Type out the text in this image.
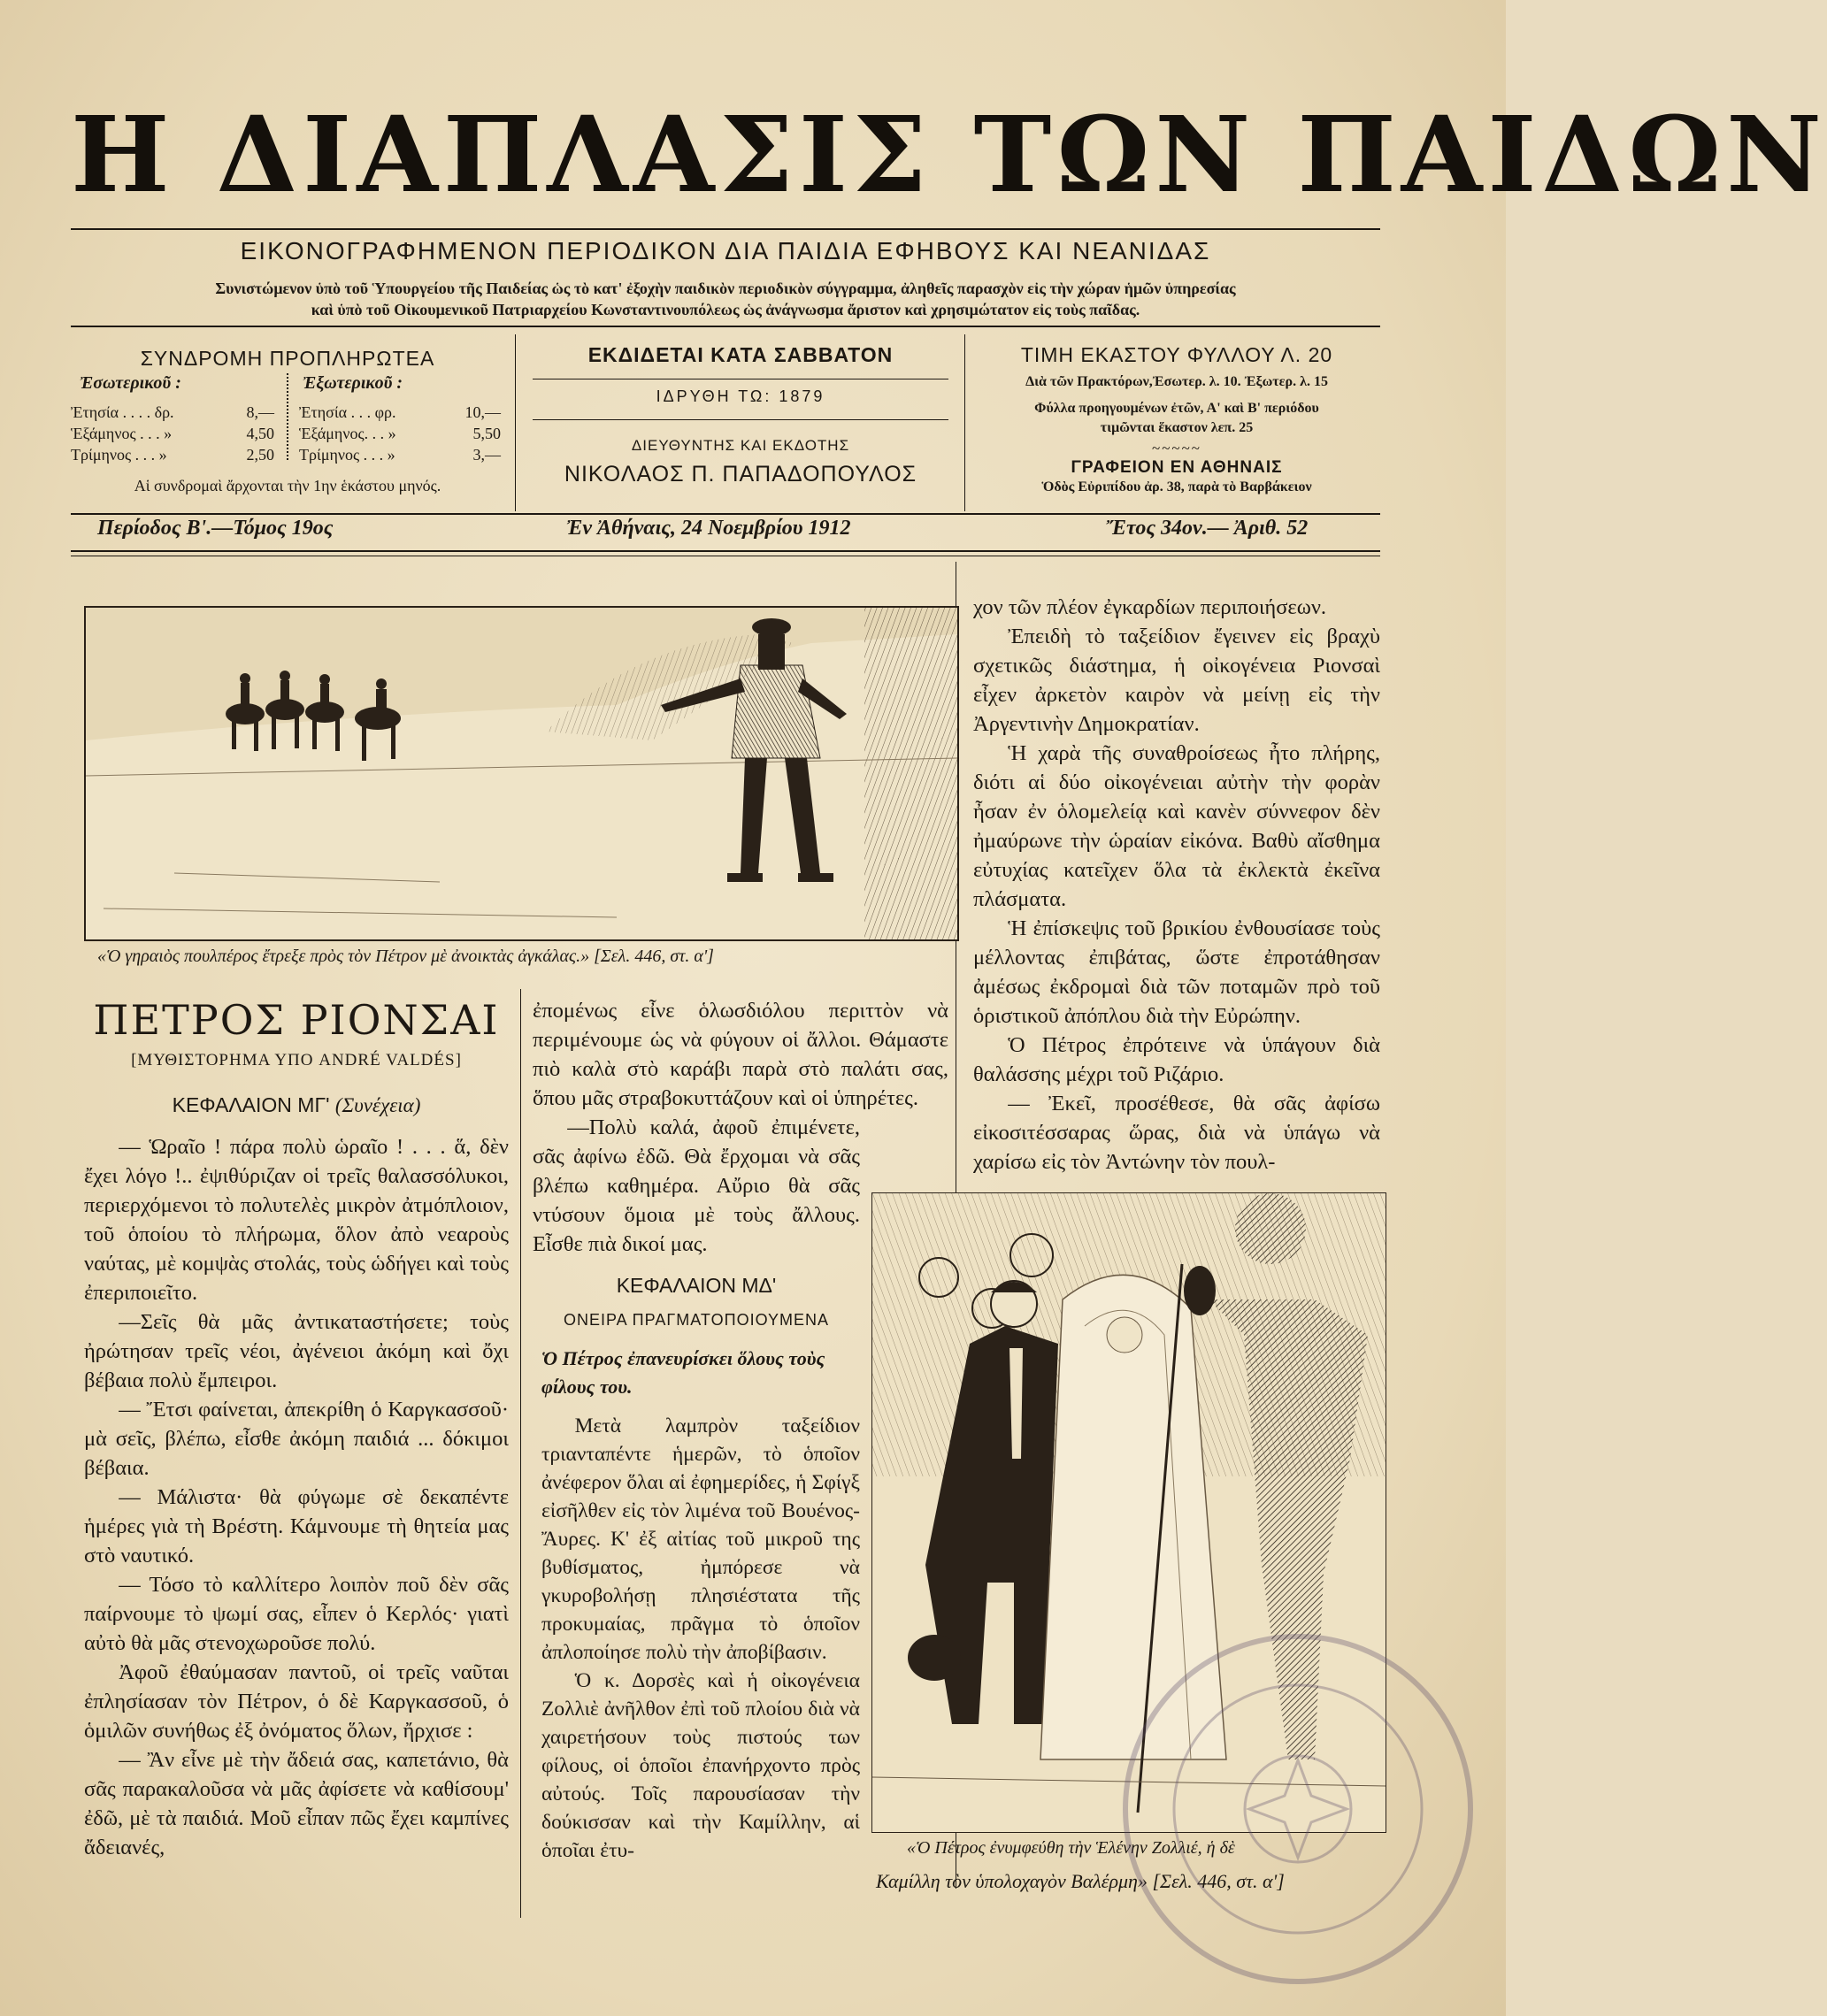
Η ΔΙΑΠΛΑΣΙΣ ΤΩΝ ΠΑΙΔΩΝ
ΕΙΚΟΝΟΓΡΑΦΗΜΕΝΟΝ ΠΕΡΙΟΔΙΚΟΝ ΔΙΑ ΠΑΙΔΙΑ ΕΦΗΒΟΥΣ ΚΑΙ ΝΕΑΝΙΔΑΣ
Συνιστώμενον ὑπὸ τοῦ Ὑπουργείου τῆς Παιδείας ὡς τὸ κατ' ἐξοχὴν παιδικὸν περιοδικὸν σύγγραμμα, ἀληθεῖς παρασχὸν εἰς τὴν χώραν ἡμῶν ὑπηρεσίας
καὶ ὑπὸ τοῦ Οἰκουμενικοῦ Πατριαρχείου Κωνσταντινουπόλεως ὡς ἀνάγνωσμα ἄριστον καὶ χρησιμώτατον εἰς τοὺς παῖδας.
ΣΥΝΔΡΟΜΗ ΠΡΟΠΛΗΡΩΤΕΑ
Ἐσωτερικοῦ :	Ἐξωτερικοῦ :
Ἐτησία . . . . δρ.	8,—
Ἑξάμηνος . . . »	4,50
Τρίμηνος . . . »	2,50
Ἐτησία . . . φρ.	10,—
Ἑξάμηνος. . . »	5,50
Τρίμηνος . . . »	3,—
Αἱ συνδρομαὶ ἄρχονται τὴν 1ην ἑκάστου μηνός.
ΕΚΔΙΔΕΤΑΙ ΚΑΤΑ ΣΑΒΒΑΤΟΝ
ΙΔΡΥΘΗ ΤΩ: 1879
ΔΙΕΥΘΥΝΤΗΣ ΚΑΙ ΕΚΔΟΤΗΣ
ΝΙΚΟΛΑΟΣ Π. ΠΑΠΑΔΟΠΟΥΛΟΣ
ΤΙΜΗ ΕΚΑΣΤΟΥ ΦΥΛΛΟΥ Λ. 20
Διὰ τῶν Πρακτόρων,Ἐσωτερ. λ. 10. Ἐξωτερ. λ. 15
Φύλλα προηγουμένων ἐτῶν, Α' καὶ Β' περιόδου
τιμῶνται ἕκαστον λεπ. 25
~~~~~
ΓΡΑΦΕΙΟΝ ΕΝ ΑΘΗΝΑΙΣ
Ὁδὸς Εὐριπίδου ἀρ. 38, παρὰ τὸ Βαρβάκειον
Περίοδος Β'.—Τόμος 19ος	Ἐν Ἀθήναις, 24 Νοεμβρίου 1912	Ἔτος 34ον.— Ἀριθ. 52
«Ὁ γηραιὸς πουλπέρος ἔτρεξε πρὸς τὸν Πέτρον μὲ ἀνοικτὰς ἀγκάλας.» [Σελ. 446, στ. α']
ΠΕΤΡΟΣ ΡΙΟΝΣΑΙ
[ΜΥΘΙΣΤΟΡΗΜΑ ΥΠΟ ANDRÉ VALDÉS]
ΚΕΦΑΛΑΙΟΝ ΜΓ' (Συνέχεια)

— Ὡραῖο ! πάρα πολὺ ὡραῖο ! . . . ἅ, δὲν ἔχει λόγο !.. ἐψιθύριζαν οἱ τρεῖς θαλασσόλυκοι, περιερχόμενοι τὸ πολυτελὲς μικρὸν ἀτμόπλοιον, τοῦ ὁποίου τὸ πλήρωμα, ὅλον ἀπὸ νεαροὺς ναύτας, μὲ κομψὰς στολάς, τοὺς ὡδήγει καὶ τοὺς ἐπεριποιεῖτο.

—Σεῖς θὰ μᾶς ἀντικαταστήσετε; τοὺς ἠρώτησαν τρεῖς νέοι, ἀγένειοι ἀκόμη καὶ ὄχι βέβαια πολὺ ἔμπειροι.

— Ἔτσι φαίνεται, ἀπεκρίθη ὁ Καργκασσοῦ· μὰ σεῖς, βλέπω, εἶσθε ἀκόμη παιδιά ... δόκιμοι βέβαια.

— Μάλιστα· θὰ φύγωμε σὲ δεκαπέντε ἡμέρες γιὰ τὴ Βρέστη. Κάμνουμε τὴ θητεία μας στὸ ναυτικό.

— Τόσο τὸ καλλίτερο λοιπὸν ποῦ δὲν σᾶς παίρνουμε τὸ ψωμί σας, εἶπεν ὁ Κερλός· γιατὶ αὐτὸ θὰ μᾶς στενοχωροῦσε πολύ.

Ἀφοῦ ἐθαύμασαν παντοῦ, οἱ τρεῖς ναῦται ἐπλησίασαν τὸν Πέτρον, ὁ δὲ Καργκασσοῦ, ὁ ὁμιλῶν συνήθως ἐξ ὀνόματος ὅλων, ἤρχισε :

— Ἂν εἶνε μὲ τὴν ἄδειά σας, καπετάνιο, θὰ σᾶς παρακαλοῦσα νὰ μᾶς ἀφίσετε νὰ καθίσουμ' ἐδῶ, μὲ τὰ παιδιά. Μοῦ εἶπαν πῶς ἔχει καμπίνες ἄδειανές,

ἐπομένως εἶνε ὁλωσδιόλου περιττὸν νὰ περιμένουμε ὡς νὰ φύγουν οἱ ἄλλοι. Θάμαστε πιὸ καλὰ στὸ καράβι παρὰ στὸ παλάτι σας, ὅπου μᾶς στραβοκυττάζουν καὶ οἱ ὑπηρέτες.

—Πολὺ καλά, ἀφοῦ ἐπιμένετε, σᾶς ἀφίνω ἐδῶ. Θὰ ἔρχομαι νὰ σᾶς βλέπω καθημέρα. Αὔριο θὰ σᾶς ντύσουν ὅμοια μὲ τοὺς ἄλλους. Εἶσθε πιὰ δικοί μας.

ΚΕΦΑΛΑΙΟΝ ΜΔ'
ΟΝΕΙΡΑ ΠΡΑΓΜΑΤΟΠΟΙΟΥΜΕΝΑ
Ὁ Πέτρος ἐπανευρίσκει ὅλους τοὺς φίλους του.

Μετὰ λαμπρὸν ταξείδιον τριανταπέντε ἡμερῶν, τὸ ὁποῖον ἀνέφερον ὅλαι αἱ ἐφημερίδες, ἡ Σφίγξ εἰσῆλθεν εἰς τὸν λιμένα τοῦ Βουένος-Ἄυρες. Κ' ἐξ αἰτίας τοῦ μικροῦ της βυθίσματος, ἠμπόρεσε νὰ γκυροβολήσῃ πλησιέστατα τῆς προκυμαίας, πρᾶγμα τὸ ὁποῖον ἀπλοποίησε πολὺ τὴν ἀποβίβασιν.

Ὁ κ. Δορσὲς καὶ ἡ οἰκογένεια Ζολλιὲ ἀνῆλθον ἐπὶ τοῦ πλοίου διὰ νὰ χαιρετήσουν τοὺς πιστούς των φίλους, οἱ ὁποῖοι ἐπανήρχοντο πρὸς αὐτούς. Τοῖς παρουσίασαν τὴν δούκισσαν καὶ τὴν Καμίλλην, αἱ ὁποῖαι ἐτυ-

χον τῶν πλέον ἐγκαρδίων περιποιήσεων.

Ἐπειδὴ τὸ ταξείδιον ἔγεινεν εἰς βραχὺ σχετικῶς διάστημα, ἡ οἰκογένεια Ριονσαὶ εἶχεν ἀρκετὸν καιρὸν νὰ μείνῃ εἰς τὴν Ἀργεντινὴν Δημοκρατίαν.

Ἡ χαρὰ τῆς συναθροίσεως ἦτο πλήρης, διότι αἱ δύο οἰκογένειαι αὐτὴν τὴν φορὰν ἦσαν ἐν ὁλομελείᾳ καὶ κανὲν σύννεφον δὲν ἠμαύρωνε τὴν ὡραίαν εἰκόνα. Βαθὺ αἴσθημα εὐτυχίας κατεῖχεν ὅλα τὰ ἐκλεκτὰ ἐκεῖνα πλάσματα.

Ἡ ἐπίσκεψις τοῦ βρικίου ἐνθουσίασε τοὺς μέλλοντας ἐπιβάτας, ὥστε ἐπροτάθησαν ἀμέσως ἐκδρομαὶ διὰ τῶν ποταμῶν πρὸ τοῦ ὁριστικοῦ ἀπόπλου διὰ τὴν Εὐρώπην.

Ὁ Πέτρος ἐπρότεινε νὰ ὑπάγουν διὰ θαλάσσης μέχρι τοῦ Ριζάριο.

— Ἐκεῖ, προσέθεσε, θὰ σᾶς ἀφίσω εἰκοσιτέσσαρας ὥρας, διὰ νὰ ὑπάγω νὰ χαρίσω εἰς τὸν Ἀντώνην τὸν πουλ-

«Ὁ Πέτρος ἐνυμφεύθη τὴν Ἑλένην Ζολλιέ, ἡ δὲ
Καμίλλη τὸν ὑπολοχαγὸν Βαλέρμη» [Σελ. 446, στ. α']
